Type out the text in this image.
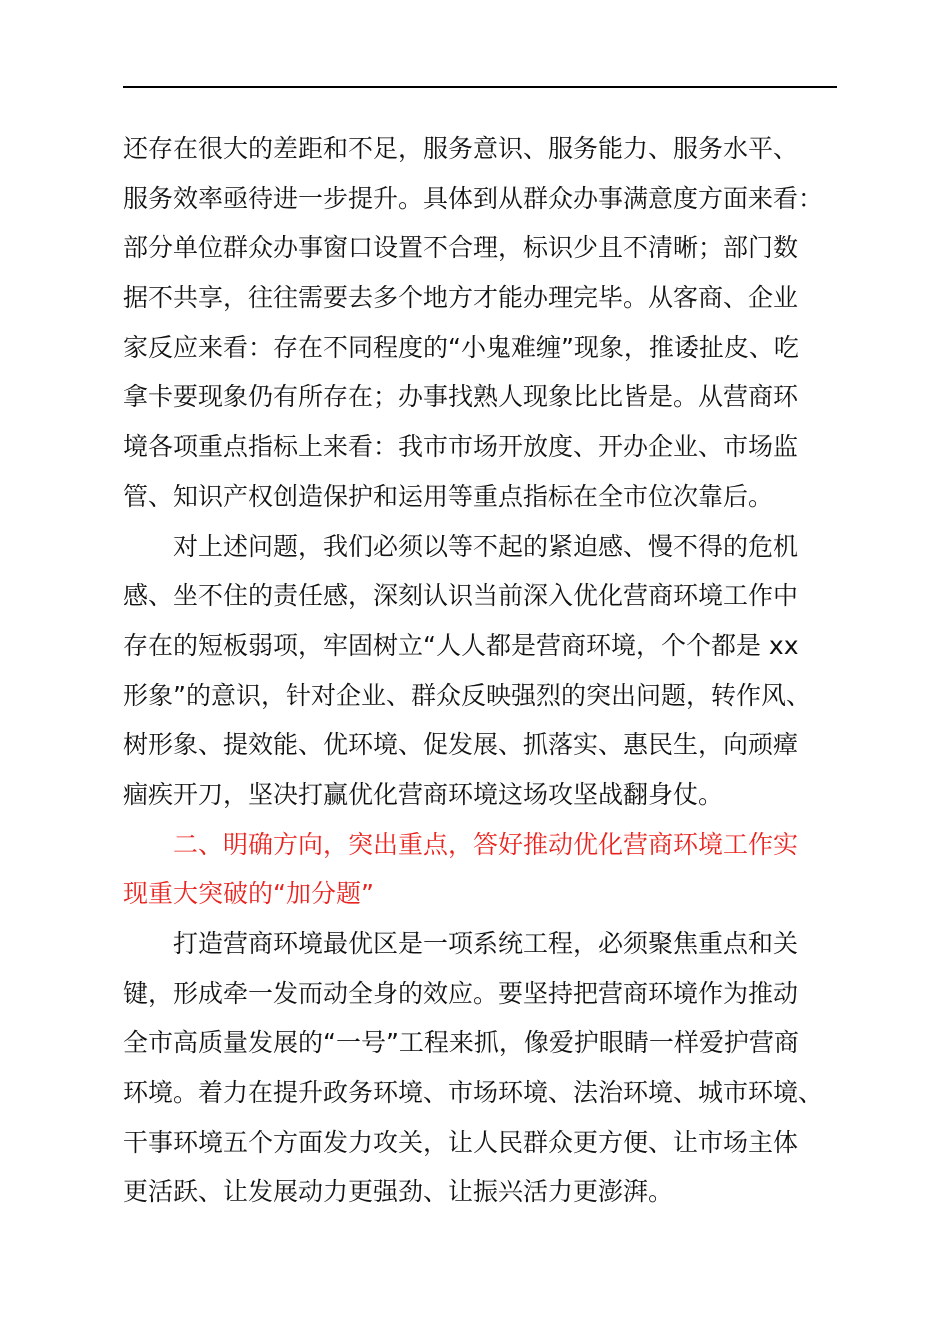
还存在很大的差距和不足，服务意识、服务能力、服务水平、
服务效率亟待进一步提升。具体到从群众办事满意度方面来看：
部分单位群众办事窗口设置不合理，标识少且不清晰；部门数
据不共享，往往需要去多个地方才能办理完毕。从客商、企业
家反应来看：存在不同程度的“小鬼难缠”现象，推诿扯皮、吃
拿卡要现象仍有所存在；办事找熟人现象比比皆是。从营商环
境各项重点指标上来看：我市市场开放度、开办企业、市场监
管、知识产权创造保护和运用等重点指标在全市位次靠后。
对上述问题，我们必须以等不起的紧迫感、慢不得的危机
感、坐不住的责任感，深刻认识当前深入优化营商环境工作中
存在的短板弱项，牢固树立“人人都是营商环境，个个都是 xx
形象”的意识，针对企业、群众反映强烈的突出问题，转作风、
树形象、提效能、优环境、促发展、抓落实、惠民生，向顽瘴
痼疾开刀，坚决打赢优化营商环境这场攻坚战翻身仗。
二、明确方向，突出重点，答好推动优化营商环境工作实
现重大突破的“加分题”
打造营商环境最优区是一项系统工程，必须聚焦重点和关
键，形成牵一发而动全身的效应。要坚持把营商环境作为推动
全市高质量发展的“一号”工程来抓，像爱护眼睛一样爱护营商
环境。着力在提升政务环境、市场环境、法治环境、城市环境、
干事环境五个方面发力攻关，让人民群众更方便、让市场主体
更活跃、让发展动力更强劲、让振兴活力更澎湃。
